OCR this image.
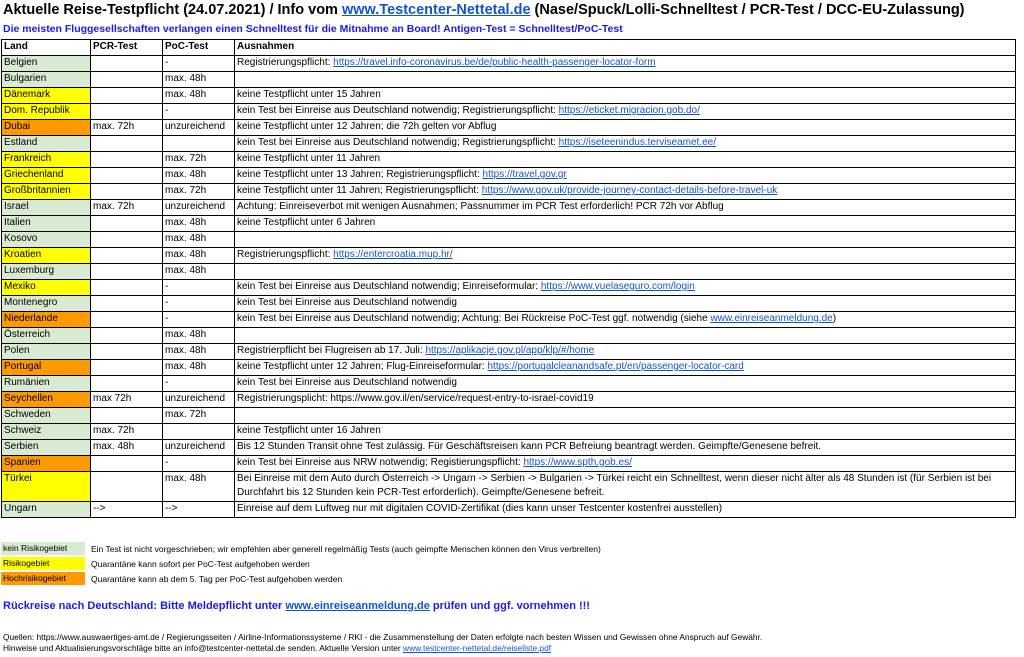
Aktuelle Reise-Testpflicht (24.07.2021) / Info vom www.Testcenter-Nettetal.de (Nase/Spuck/Lolli-Schnelltest / PCR-Test / DCC-EU-Zulassung)
Die meisten Fluggesellschaften verlangen einen Schnelltest für die Mitnahme an Board! Antigen-Test = Schnelltest/PoC-Test
Land	PCR-Test	PoC-Test	Ausnahmen
Belgien		-	Registrierungspflicht: https://travel.info-coronavirus.be/de/public-health-passenger-locator-form
Bulgarien		max. 48h	
Dänemark		max. 48h	keine Testpflicht unter 15 Jahren
Dom. Republik		-	kein Test bei Einreise aus Deutschland notwendig; Registrierungspflicht: https://eticket.migracion.gob.do/
Dubai	max. 72h	unzureichend	keine Testpflicht unter 12 Jahren; die 72h gelten vor Abflug
Estland			kein Test bei Einreise aus Deutschland notwendig; Registrierungspflicht: https://iseteenindus.terviseamet.ee/
Frankreich		max. 72h	keine Testpflicht unter 11 Jahren
Griechenland		max. 48h	keine Testpflicht unter 13 Jahren; Registrierungspflicht: https://travel.gov.gr
Großbritannien		max. 72h	keine Testpflicht unter 11 Jahren; Registrierungspflicht: https://www.gov.uk/provide-journey-contact-details-before-travel-uk
Israel	max. 72h	unzureichend	Achtung: Einreiseverbot mit wenigen Ausnahmen; Passnummer im PCR Test erforderlich! PCR 72h vor Abflug
Italien		max. 48h	keine Testpflicht unter 6 Jahren
Kosovo		max. 48h	
Kroatien		max. 48h	Registrierungspflicht: https://entercroatia.mup.hr/
Luxemburg		max. 48h	
Mexiko		-	kein Test bei Einreise aus Deutschland notwendig; Einreiseformular: https://www.vuelaseguro.com/login
Montenegro		-	kein Test bei Einreise aus Deutschland notwendig
Niederlande		-	kein Test bei Einreise aus Deutschland notwendig; Achtung: Bei Rückreise PoC-Test ggf. notwendig (siehe www.einreiseanmeldung.de)
Österreich		max. 48h	
Polen		max. 48h	Registrierpflicht bei Flugreisen ab 17. Juli: https://aplikacje.gov.pl/app/klp/#/home
Portugal		max. 48h	keine Testpflicht unter 12 Jahren; Flug-Einreiseformular: https://portugalcleanandsafe.pt/en/passenger-locator-card
Rumänien		-	kein Test bei Einreise aus Deutschland notwendig
Seychellen	max 72h	unzureichend	Registrierungsplicht: https://www.gov.il/en/service/request-entry-to-israel-covid19
Schweden		max. 72h	
Schweiz	max. 72h		keine Testpflicht unter 16 Jahren
Serbien	max. 48h	unzureichend	Bis 12 Stunden Transit ohne Test zulässig. Für Geschäftsreisen kann PCR Befreiung beantragt werden. Geimpfte/Genesene befreit.
Spanien		-	kein Test bei Einreise aus NRW notwendig; Registierungspflicht: https://www.spth.gob.es/
Türkei		max. 48h	Bei Einreise mit dem Auto durch Österreich -> Ungarn -> Serbien -> Bulgarien -> Türkei reicht ein Schnelltest, wenn dieser nicht älter als 48 Stunden ist (für Serbien ist bei Durchfahrt bis 12 Stunden kein PCR-Test erforderlich). Geimpfte/Genesene befreit.
Ungarn	-->	-->	Einreise auf dem Luftweg nur mit digitalen COVID-Zertifikat (dies kann unser Testcenter kostenfrei ausstellen)
kein Risikogebiet	Ein Test ist nicht vorgeschrieben; wir empfehlen aber generell regelmäßig Tests (auch geimpfte Menschen können den Virus verbreiten)
Risikogebiet	Quarantäne kann sofort per PoC-Test aufgehoben werden
Hochrisikogebiet	Quarantäne kann ab dem 5. Tag per PoC-Test aufgehoben werden
Rückreise nach Deutschland: Bitte Meldepflicht unter www.einreiseanmeldung.de prüfen und ggf. vornehmen !!!
Quellen: https://www.auswaertiges-amt.de / Regierungsseiten / Airline-Informationssysteme / RKI - die Zusammenstellung der Daten erfolgte nach besten Wissen und Gewissen ohne Anspruch auf Gewähr.
Hinweise und Aktualisierungsvorschläge bitte an info@testcenter-nettetal.de senden. Aktuelle Version unter www.testcenter-nettetal.de/reiseliste.pdf
